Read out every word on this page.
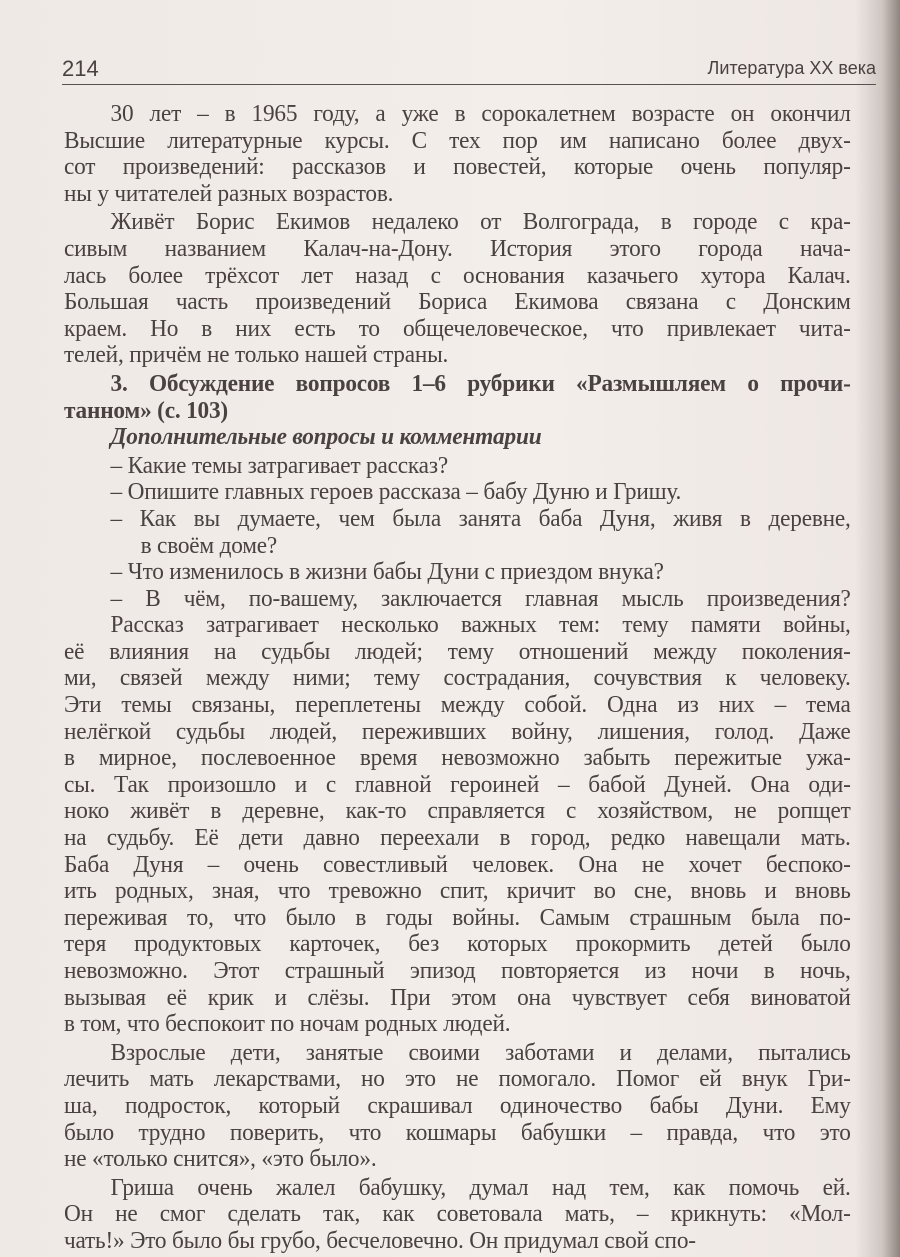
214	Литература XX века
30 лет – в 1965 году, а уже в сорокалетнем возрасте он окончил
Высшие литературные курсы. С тех пор им написано более двух-
сот произведений: рассказов и повестей, которые очень популяр-
ны у читателей разных возрастов.
Живёт Борис Екимов недалеко от Волгограда, в городе с кра-
сивым названием Калач-на-Дону. История этого города нача-
лась более трёхсот лет назад с основания казачьего хутора Калач.
Большая часть произведений Бориса Екимова связана с Донским
краем. Но в них есть то общечеловеческое, что привлекает чита-
телей, причём не только нашей страны.
3. Обсуждение вопросов 1–6 рубрики «Размышляем о прочи-
танном» (с. 103)
Дополнительные вопросы и комментарии
– Какие темы затрагивает рассказ?
– Опишите главных героев рассказа – бабу Дуню и Гришу.
– Как вы думаете, чем была занята баба Дуня, живя в деревне,
в своём доме?
– Что изменилось в жизни бабы Дуни с приездом внука?
– В чём, по-вашему, заключается главная мысль произведения?
Рассказ затрагивает несколько важных тем: тему памяти войны,
её влияния на судьбы людей; тему отношений между поколения-
ми, связей между ними; тему сострадания, сочувствия к человеку.
Эти темы связаны, переплетены между собой. Одна из них – тема
нелёгкой судьбы людей, переживших войну, лишения, голод. Даже
в мирное, послевоенное время невозможно забыть пережитые ужа-
сы. Так произошло и с главной героиней – бабой Дуней. Она оди-
ноко живёт в деревне, как-то справляется с хозяйством, не ропщет
на судьбу. Её дети давно переехали в город, редко навещали мать.
Баба Дуня – очень совестливый человек. Она не хочет беспоко-
ить родных, зная, что тревожно спит, кричит во сне, вновь и вновь
переживая то, что было в годы войны. Самым страшным была по-
теря продуктовых карточек, без которых прокормить детей было
невозможно. Этот страшный эпизод повторяется из ночи в ночь,
вызывая её крик и слёзы. При этом она чувствует себя виноватой
в том, что беспокоит по ночам родных людей.
Взрослые дети, занятые своими заботами и делами, пытались
лечить мать лекарствами, но это не помогало. Помог ей внук Гри-
ша, подросток, который скрашивал одиночество бабы Дуни. Ему
было трудно поверить, что кошмары бабушки – правда, что это
не «только снится», «это было».
Гриша очень жалел бабушку, думал над тем, как помочь ей.
Он не смог сделать так, как советовала мать, – крикнуть: «Мол-
чать!» Это было бы грубо, бесчеловечно. Он придумал свой спо-
